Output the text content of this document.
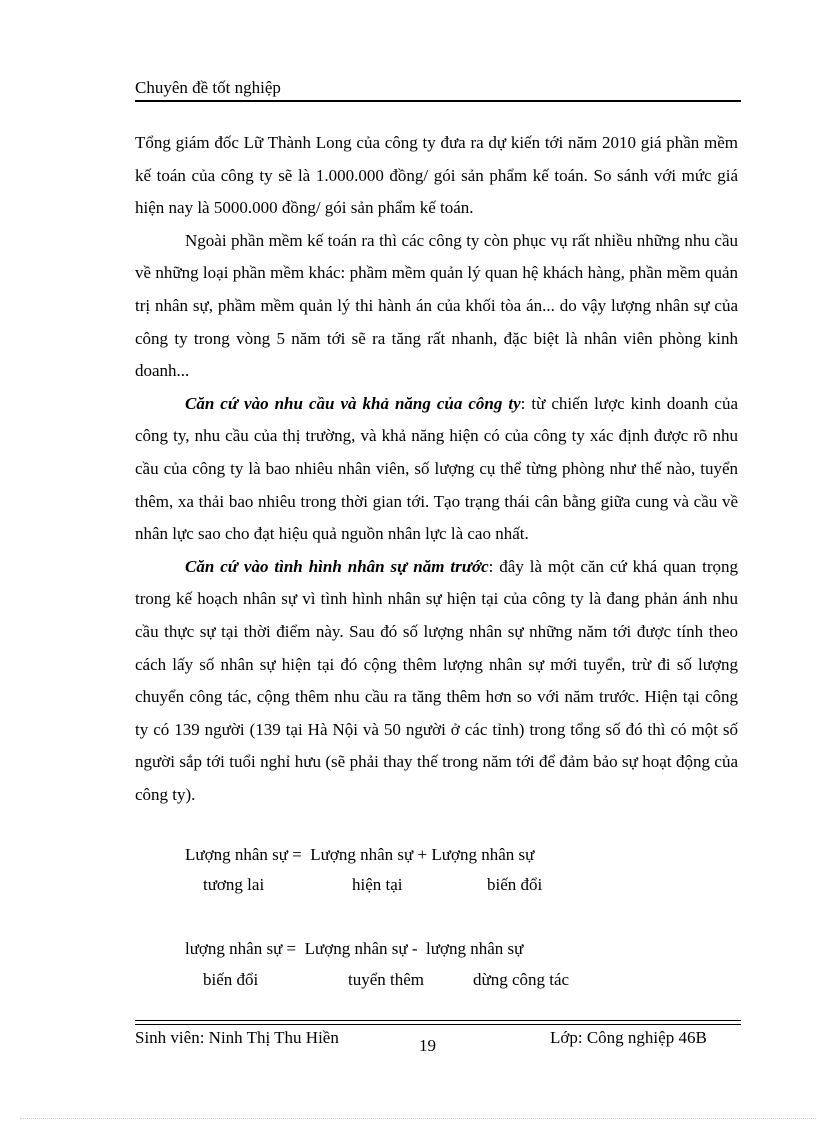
Chuyên đề tốt nghiệp

Tổng giám đốc Lữ Thành Long của công ty đưa ra dự kiến tới năm 2010 giá phần mềm kế toán của công ty sẽ là 1.000.000 đồng/ gói sản phẩm kế toán. So sánh với mức giá hiện nay là 5000.000 đồng/ gói sản phẩm kế toán.

Ngoài phần mềm kế toán ra thì các công ty còn phục vụ rất nhiều những nhu cầu về những loại phần mềm khác: phầm mềm quản lý quan hệ khách hàng, phần mềm quản trị nhân sự, phầm mềm quản lý thi hành án của khối tòa án... do vậy lượng nhân sự của công ty trong vòng 5 năm tới sẽ ra tăng rất nhanh, đặc biệt là nhân viên phòng kinh doanh...

Căn cứ vào nhu cầu và khả năng của công ty: từ chiến lược kinh doanh của công ty, nhu cầu của thị trường, và khả năng hiện có của công ty xác định được rõ nhu cầu của công ty là bao nhiêu nhân viên, số lượng cụ thể từng phòng như thế nào, tuyển thêm, xa thải bao nhiêu trong thời gian tới. Tạo trạng thái cân bằng giữa cung và cầu về nhân lực sao cho đạt hiệu quả nguồn nhân lực là cao nhất.

Căn cứ vào tình hình nhân sự năm trước: đây là một căn cứ khá quan trọng trong kế hoạch nhân sự vì tình hình nhân sự hiện tại của công ty là đang phản ánh nhu cầu thực sự tại thời điểm này. Sau đó số lượng nhân sự những năm tới được tính theo cách lấy số nhân sự hiện tại đó cộng thêm lượng nhân sự mới tuyển, trừ đi số lượng chuyển công tác, cộng thêm nhu cầu ra tăng thêm hơn so với năm trước. Hiện tại công ty có 139 người (139 tại Hà Nội và 50 người ở các tỉnh) trong tổng số đó thì có một số người sắp tới tuổi nghỉ hưu (sẽ phải thay thế trong năm tới để đảm bảo sự hoạt động của công ty).

Lượng nhân sự =  Lượng nhân sự + Lượng nhân sự
tương lai	hiện tại	biến đổi
lượng nhân sự =  Lượng nhân sự -  lượng nhân sự
biến đổi	tuyển thêm	dừng công tác
Sinh viên: Ninh Thị Thu Hiền	19	Lớp: Công nghiệp 46B
